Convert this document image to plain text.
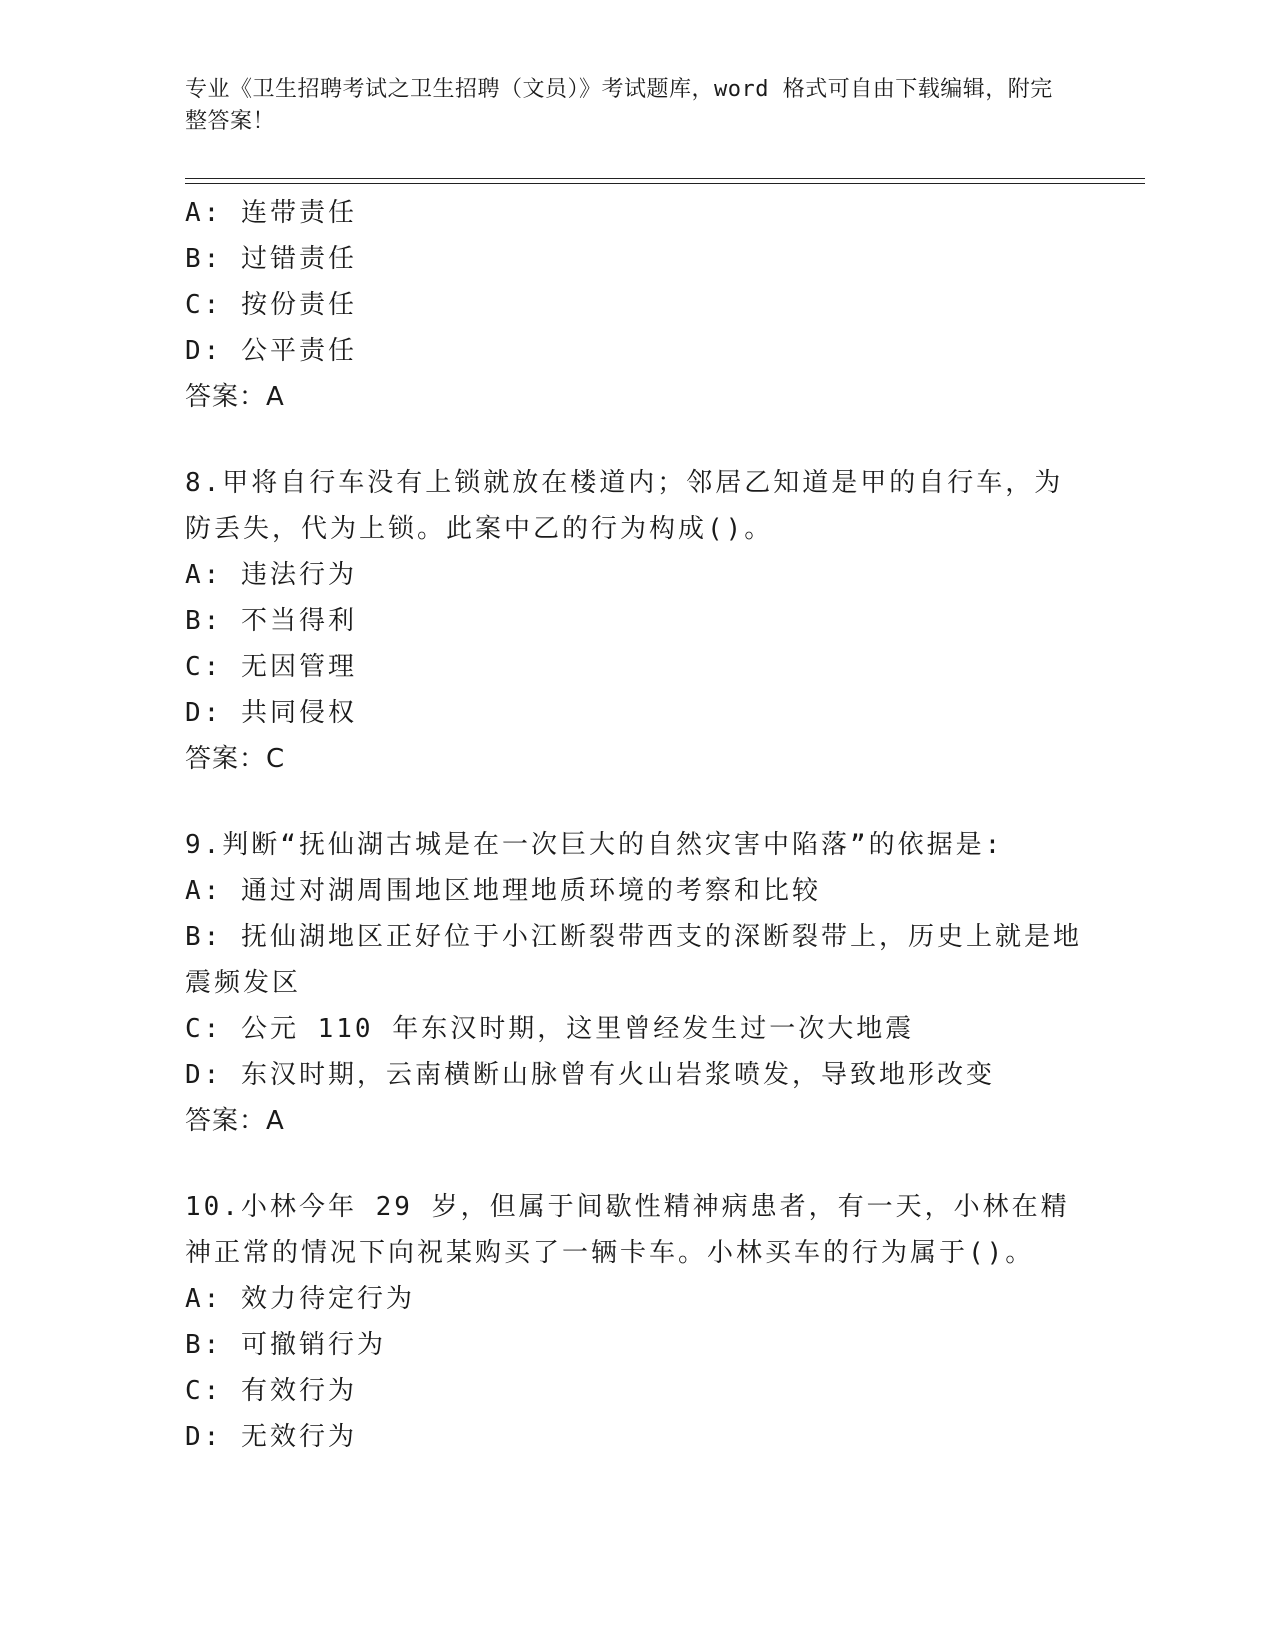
专业《卫生招聘考试之卫生招聘（文员）》考试题库，word 格式可自由下载编辑，附完整答案！
A: 连带责任
B: 过错责任
C: 按份责任
D: 公平责任
答案：A
8.甲将自行车没有上锁就放在楼道内；邻居乙知道是甲的自行车，为防丢失，代为上锁。此案中乙的行为构成()。
A: 违法行为
B: 不当得利
C: 无因管理
D: 共同侵权
答案：C
9.判断“抚仙湖古城是在一次巨大的自然灾害中陷落”的依据是:
A: 通过对湖周围地区地理地质环境的考察和比较
B: 抚仙湖地区正好位于小江断裂带西支的深断裂带上，历史上就是地震频发区
C: 公元 110 年东汉时期，这里曾经发生过一次大地震
D: 东汉时期，云南横断山脉曾有火山岩浆喷发，导致地形改变
答案：A
10.小林今年 29 岁，但属于间歇性精神病患者，有一天，小林在精神正常的情况下向祝某购买了一辆卡车。小林买车的行为属于()。
A: 效力待定行为
B: 可撤销行为
C: 有效行为
D: 无效行为
